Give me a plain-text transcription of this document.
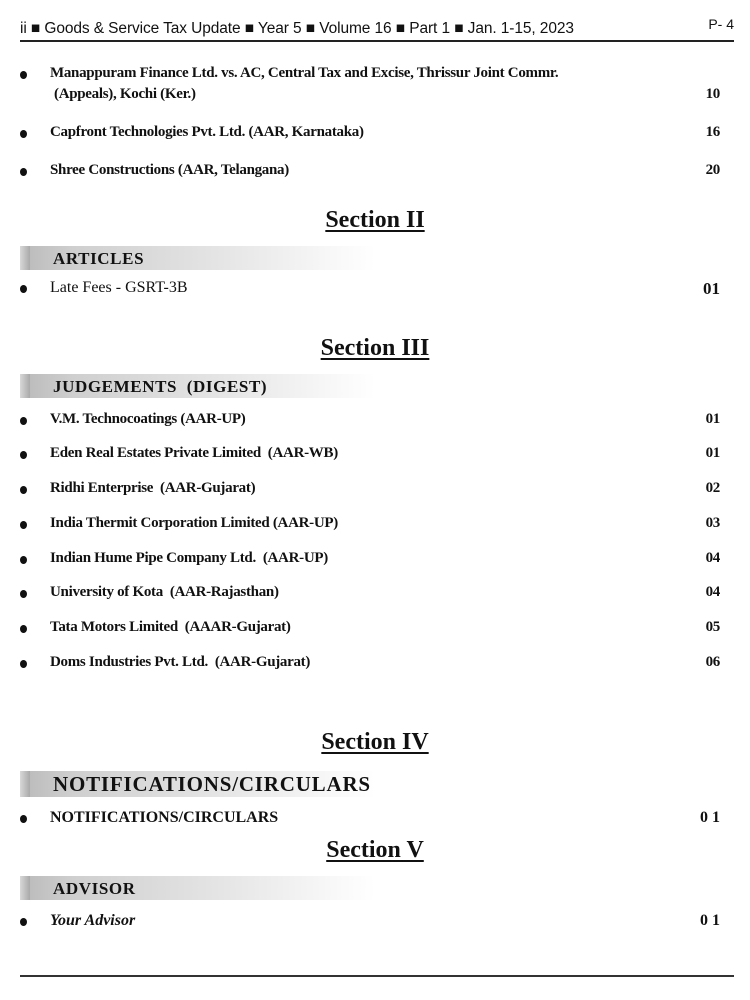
ii ■ Goods & Service Tax Update ■ Year 5 ■ Volume 16 ■ Part 1 ■ Jan. 1-15, 2023	P- 4
Manappuram Finance Ltd. vs. AC, Central Tax and Excise, Thrissur Joint Commr.
(Appeals), Kochi (Ker.)	10
Capfront Technologies Pvt. Ltd. (AAR, Karnataka)	16
Shree Constructions (AAR, Telangana)	20
Section II
ARTICLES
Late Fees - GSRT-3B	01
Section III
JUDGEMENTS  (DIGEST)
V.M. Technocoatings (AAR-UP)	01
Eden Real Estates Private Limited  (AAR-WB)	01
Ridhi Enterprise  (AAR-Gujarat)	02
India Thermit Corporation Limited (AAR-UP)	03
Indian Hume Pipe Company Ltd.  (AAR-UP)	04
University of Kota  (AAR-Rajasthan)	04
Tata Motors Limited  (AAAR-Gujarat)	05
Doms Industries Pvt. Ltd.  (AAR-Gujarat)	06
Section IV
NOTIFICATIONS/CIRCULARS
NOTIFICATIONS/CIRCULARS	0 1
Section V
ADVISOR
Your Advisor	0 1
